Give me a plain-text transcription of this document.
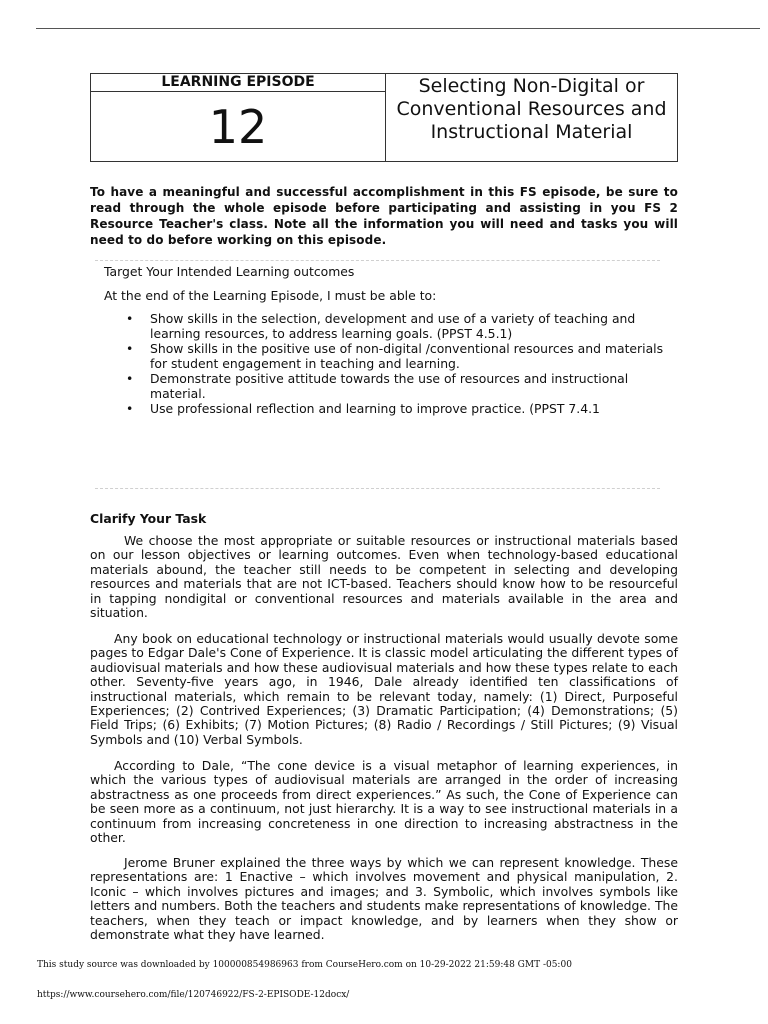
LEARNING EPISODE
12
Selecting Non-Digital or Conventional Resources and Instructional Material
To have a meaningful and successful accomplishment in this FS episode, be sure to read through the whole episode before participating and assisting in you FS 2 Resource Teacher's class. Note all the information you will need and tasks you will need to do before working on this episode.
Target Your Intended Learning outcomes
At the end of the Learning Episode, I must be able to:
• Show skills in the selection, development and use of a variety of teaching and learning resources, to address learning goals. (PPST 4.5.1)
• Show skills in the positive use of non-digital /conventional resources and materials for student engagement in teaching and learning.
• Demonstrate positive attitude towards the use of resources and instructional material.
• Use professional reflection and learning to improve practice. (PPST 7.4.1
Clarify Your Task

We choose the most appropriate or suitable resources or instructional materials based on our lesson objectives or learning outcomes. Even when technology-based educational materials abound, the teacher still needs to be competent in selecting and developing resources and materials that are not ICT-based. Teachers should know how to be resourceful in tapping nondigital or conventional resources and materials available in the area and situation.

Any book on educational technology or instructional materials would usually devote some pages to Edgar Dale's Cone of Experience. It is classic model articulating the different types of audiovisual materials and how these audiovisual materials and how these types relate to each other. Seventy-five years ago, in 1946, Dale already identified ten classifications of instructional materials, which remain to be relevant today, namely: (1) Direct, Purposeful Experiences; (2) Contrived Experiences; (3) Dramatic Participation; (4) Demonstrations; (5) Field Trips; (6) Exhibits; (7) Motion Pictures; (8) Radio / Recordings / Still Pictures; (9) Visual Symbols and (10) Verbal Symbols.

According to Dale, “The cone device is a visual metaphor of learning experiences, in which the various types of audiovisual materials are arranged in the order of increasing abstractness as one proceeds from direct experiences.” As such, the Cone of Experience can be seen more as a continuum, not just hierarchy. It is a way to see instructional materials in a continuum from increasing concreteness in one direction to increasing abstractness in the other.

Jerome Bruner explained the three ways by which we can represent knowledge. These representations are: 1 Enactive – which involves movement and physical manipulation, 2. Iconic – which involves pictures and images; and 3. Symbolic, which involves symbols like letters and numbers. Both the teachers and students make representations of knowledge. The teachers, when they teach or impact knowledge, and by learners when they show or demonstrate what they have learned.

This study source was downloaded by 100000854986963 from CourseHero.com on 10-29-2022 21:59:48 GMT -05:00
https://www.coursehero.com/file/120746922/FS-2-EPISODE-12docx/
